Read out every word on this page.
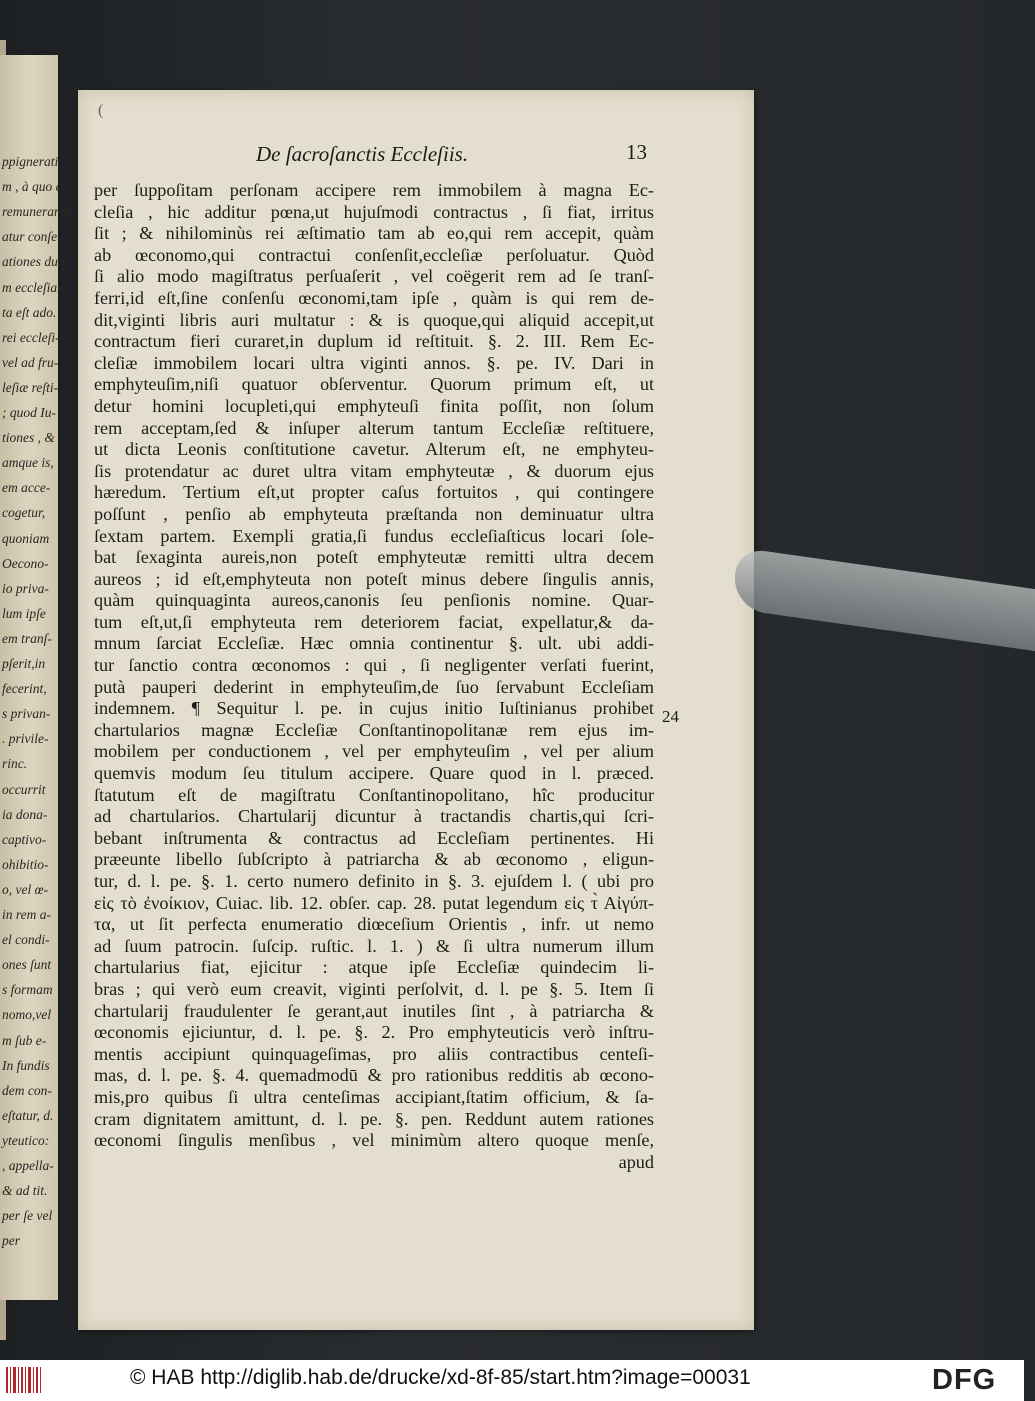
ppignerati.
m , à quo c.
remunerandi
atur conſe-
ationes duæ
m eccleſiam
ta eſt ado.
rei eccleſi-
vel ad fru-
leſiæ reſti-
; quod Iu-
tiones , &
amque is,
em acce-
cogetur,
quoniam
Oecono-
io priva-
lum ipſe
em tranſ-
pſerit,in
fecerint,
s privan-
. privile-
rinc.
occurrit
ia dona-
captivo-
ohibitio-
o, vel œ-
in rem a-
el condi-
ones ſunt
s formam
nomo,vel
m ſub e-
In fundis
dem con-
eſtatur, d.
yteutico:
, appella-
& ad tit.
per ſe vel
per
(
De ſacroſanctis Eccleſiis.	13
per ſuppoſitam perſonam accipere rem immobilem à magna Ec-
cleſia , hic additur pœna,ut hujuſmodi contractus , ſi fiat, irritus
ſit ; & nihilominùs rei æſtimatio tam ab eo,qui rem accepit, quàm
ab œconomo,qui contractui conſenſit,eccleſiæ perſoluatur. Quòd
ſi alio modo magiſtratus perſuaſerit , vel coëgerit rem ad ſe tranſ-
ferri,id eſt,ſine conſenſu œconomi,tam ipſe , quàm is qui rem de-
dit,viginti libris auri multatur : & is quoque,qui aliquid accepit,ut
contractum fieri curaret,in duplum id reſtituit. §. 2. III. Rem Ec-
cleſiæ immobilem locari ultra viginti annos. §. pe. IV. Dari in
emphyteuſim,niſi quatuor obſerventur. Quorum primum eſt, ut
detur homini locupleti,qui emphyteuſi finita poſſit, non ſolum
rem acceptam,ſed & inſuper alterum tantum Eccleſiæ reſtituere,
ut dicta Leonis conſtitutione cavetur. Alterum eſt, ne emphyteu-
ſis protendatur ac duret ultra vitam emphyteutæ , & duorum ejus
hæredum. Tertium eſt,ut propter caſus fortuitos , qui contingere
poſſunt , penſio ab emphyteuta præſtanda non deminuatur ultra
ſextam partem. Exempli gratia,ſi fundus eccleſiaſticus locari ſole-
bat ſexaginta aureis,non poteſt emphyteutæ remitti ultra decem
aureos ; id eſt,emphyteuta non poteſt minus debere ſingulis annis,
quàm quinquaginta aureos,canonis ſeu penſionis nomine. Quar-
tum eſt,ut,ſi emphyteuta rem deteriorem faciat, expellatur,& da-
mnum ſarciat Eccleſiæ. Hæc omnia continentur §. ult. ubi addi-
tur ſanctio contra œconomos : qui , ſi negligenter verſati fuerint,
putà pauperi dederint in emphyteuſim,de ſuo ſervabunt Eccleſiam
indemnem. ¶ Sequitur l. pe. in cujus initio Iuſtinianus prohibet
chartularios magnæ Eccleſiæ Conſtantinopolitanæ rem ejus im-
mobilem per conductionem , vel per emphyteuſim , vel per alium
quemvis modum ſeu titulum accipere. Quare quod in l. præced.
ſtatutum eſt de magiſtratu Conſtantinopolitano, hîc producitur
ad chartularios. Chartularij dicuntur à tractandis chartis,qui ſcri-
bebant inſtrumenta & contractus ad Eccleſiam pertinentes. Hi
præeunte libello ſubſcripto à patriarcha & ab œconomo , eligun-
tur, d. l. pe. §. 1. certo numero definito in §. 3. ejuſdem l. ( ubi pro
εἰς τὸ ἐνοίκιον, Cuiac. lib. 12. obſer. cap. 28. putat legendum εἰς τ̀ Αἰγύπ-
τα, ut ſit perfecta enumeratio diœceſium Orientis , infr. ut nemo
ad ſuum patrocin. ſuſcip. ruſtic. l. 1. ) & ſi ultra numerum illum
chartularius fiat, ejicitur : atque ipſe Eccleſiæ quindecim li-
bras ; qui verò eum creavit, viginti perſolvit, d. l. pe §. 5. Item ſi
chartularij fraudulenter ſe gerant,aut inutiles ſint , à patriarcha &
œconomis ejiciuntur, d. l. pe. §. 2. Pro emphyteuticis verò inſtru-
mentis accipiunt quinquageſimas, pro aliis contractibus centeſi-
mas, d. l. pe. §. 4. quemadmodū & pro rationibus redditis ab œcono-
mis,pro quibus ſi ultra centeſimas accipiant,ſtatim officium, & ſa-
cram dignitatem amittunt, d. l. pe. §. pen. Reddunt autem rationes
œconomi ſingulis menſibus , vel minimùm altero quoque menſe,
apud
24
© HAB http://diglib.hab.de/drucke/xd-8f-85/start.htm?image=00031	DFG
